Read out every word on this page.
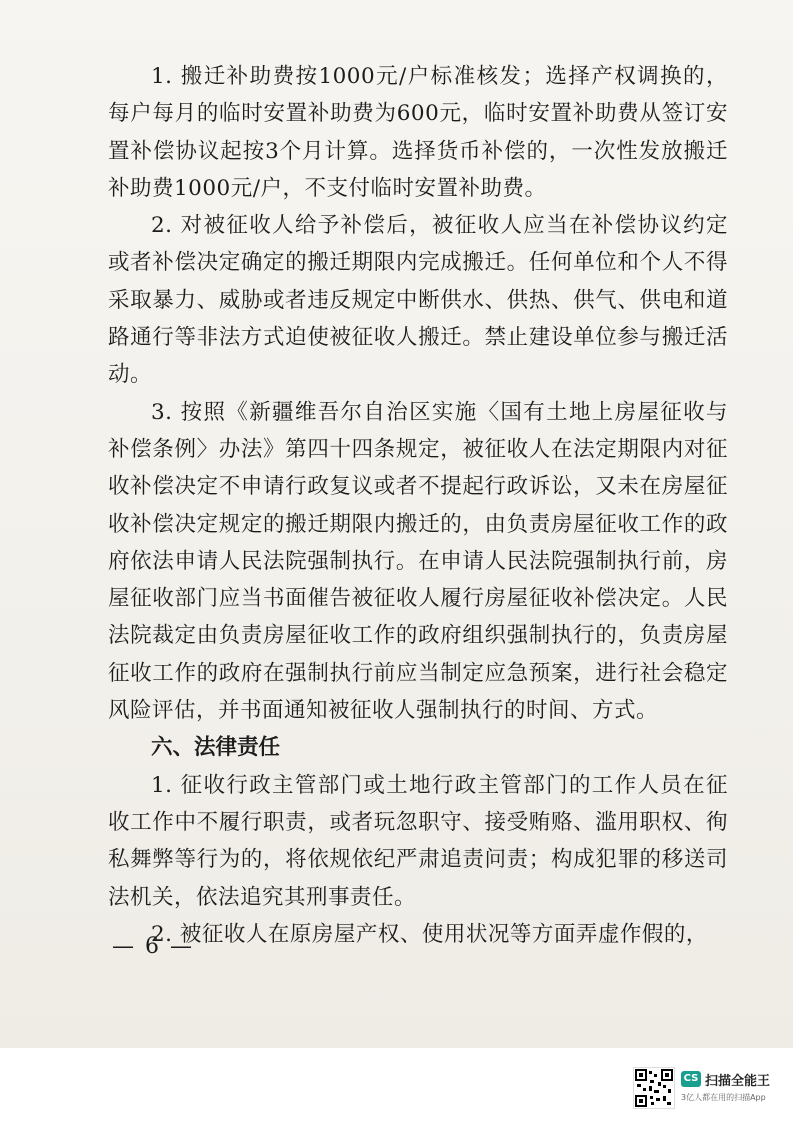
1. 搬迁补助费按1000元/户标准核发；选择产权调换的，每户每月的临时安置补助费为600元，临时安置补助费从签订安置补偿协议起按3个月计算。选择货币补偿的，一次性发放搬迁补助费1000元/户，不支付临时安置补助费。

2. 对被征收人给予补偿后，被征收人应当在补偿协议约定或者补偿决定确定的搬迁期限内完成搬迁。任何单位和个人不得采取暴力、威胁或者违反规定中断供水、供热、供气、供电和道路通行等非法方式迫使被征收人搬迁。禁止建设单位参与搬迁活动。

3. 按照《新疆维吾尔自治区实施〈国有土地上房屋征收与补偿条例〉办法》第四十四条规定，被征收人在法定期限内对征收补偿决定不申请行政复议或者不提起行政诉讼，又未在房屋征收补偿决定规定的搬迁期限内搬迁的，由负责房屋征收工作的政府依法申请人民法院强制执行。在申请人民法院强制执行前，房屋征收部门应当书面催告被征收人履行房屋征收补偿决定。人民法院裁定由负责房屋征收工作的政府组织强制执行的，负责房屋征收工作的政府在强制执行前应当制定应急预案，进行社会稳定风险评估，并书面通知被征收人强制执行的时间、方式。

六、法律责任

1. 征收行政主管部门或土地行政主管部门的工作人员在征收工作中不履行职责，或者玩忽职守、接受贿赂、滥用职权、徇私舞弊等行为的，将依规依纪严肃追责问责；构成犯罪的移送司法机关，依法追究其刑事责任。

2. 被征收人在原房屋产权、使用状况等方面弄虚作假的，

— 6 —
CS 扫描全能王
3亿人都在用的扫描App
